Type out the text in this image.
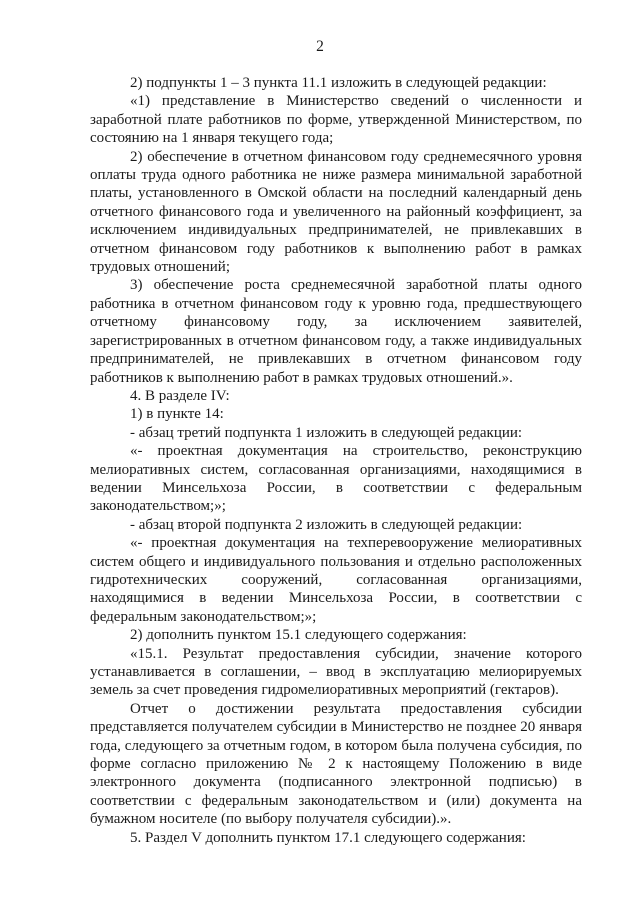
2

2) подпункты 1 – 3 пункта 11.1 изложить в следующей редакции:

«1) представление в Министерство сведений о численности и заработной плате работников по форме, утвержденной Министерством, по состоянию на 1 января текущего года;

2) обеспечение в отчетном финансовом году среднемесячного уровня оплаты труда одного работника не ниже размера минимальной заработной платы, установленного в Омской области на последний календарный день отчетного финансового года и увеличенного на районный коэффициент, за исключением индивидуальных предпринимателей, не привлекавших в отчетном финансовом году работников к выполнению работ в рамках трудовых отношений;

3) обеспечение роста среднемесячной заработной платы одного работника в отчетном финансовом году к уровню года, предшествующего отчетному финансовому году, за исключением заявителей, зарегистрированных в отчетном финансовом году, а также индивидуальных предпринимателей, не привлекавших в отчетном финансовом году работников к выполнению работ в рамках трудовых отношений.».

4. В разделе IV:

1) в пункте 14:

- абзац третий подпункта 1 изложить в следующей редакции:

«- проектная документация на строительство, реконструкцию мелиоративных систем, согласованная организациями, находящимися в ведении Минсельхоза России, в соответствии с федеральным законодательством;»;

- абзац второй подпункта 2 изложить в следующей редакции:

«- проектная документация на техперевооружение мелиоративных систем общего и индивидуального пользования и отдельно расположенных гидротехнических сооружений, согласованная организациями, находящимися в ведении Минсельхоза России, в соответствии с федеральным законодательством;»;

2) дополнить пунктом 15.1 следующего содержания:

«15.1. Результат предоставления субсидии, значение которого устанавливается в соглашении, – ввод в эксплуатацию мелиорируемых земель за счет проведения гидромелиоративных мероприятий (гектаров).

Отчет о достижении результата предоставления субсидии представляется получателем субсидии в Министерство не позднее 20 января года, следующего за отчетным годом, в котором была получена субсидия, по форме согласно приложению № 2 к настоящему Положению в виде электронного документа (подписанного электронной подписью) в соответствии с федеральным законодательством и (или) документа на бумажном носителе (по выбору получателя субсидии).».

5. Раздел V дополнить пунктом 17.1 следующего содержания:
